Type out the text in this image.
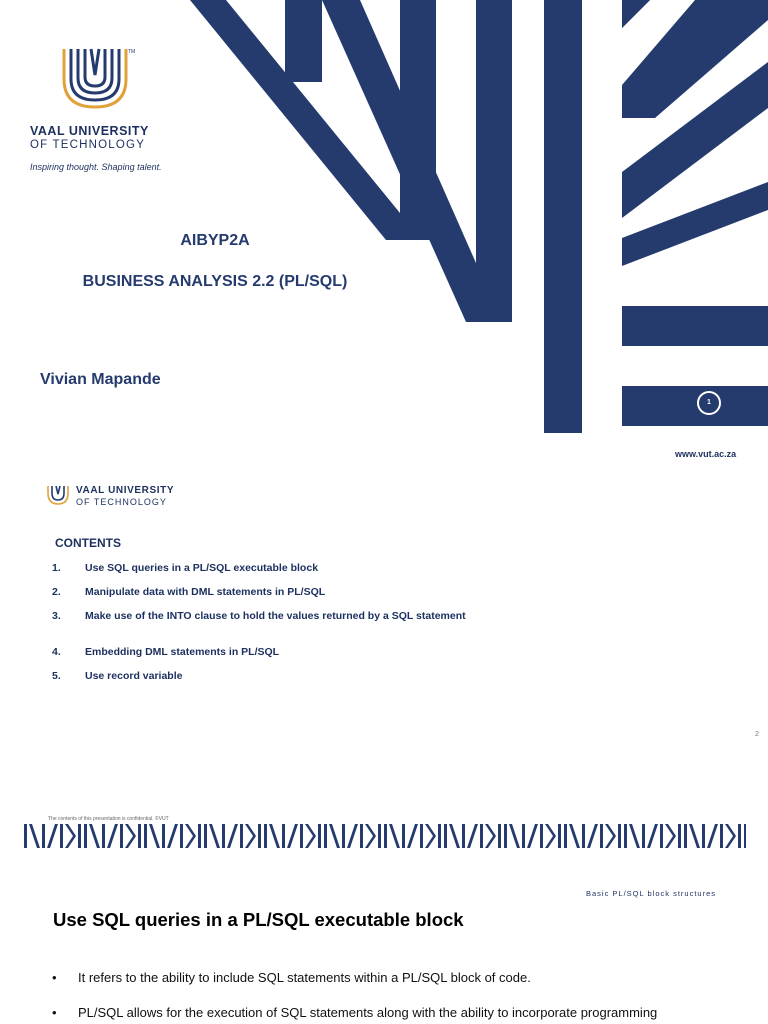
TM
VAAL UNIVERSITY
OF TECHNOLOGY
Inspiring thought. Shaping talent.
AIBYP2A
BUSINESS ANALYSIS 2.2 (PL/SQL)
Vivian Mapande	www.vut.ac.za
1
www.vut.ac.za
VAAL UNIVERSITY
OF TECHNOLOGY
CONTENTS
1. Use SQL queries in a PL/SQL executable block
2. Manipulate data with DML statements in PL/SQL
3. Make use of the INTO clause to hold the values returned by a SQL statement
4. Embedding DML statements in PL/SQL
5. Use record variable
2
The contents of this presentation is confidential. ©VUT
Basic PL/SQL block structures
Use SQL queries in a PL/SQL executable block
• It refers to the ability to include SQL statements within a PL/SQL block of code.
• PL/SQL allows for the execution of SQL statements along with the ability to incorporate programming
